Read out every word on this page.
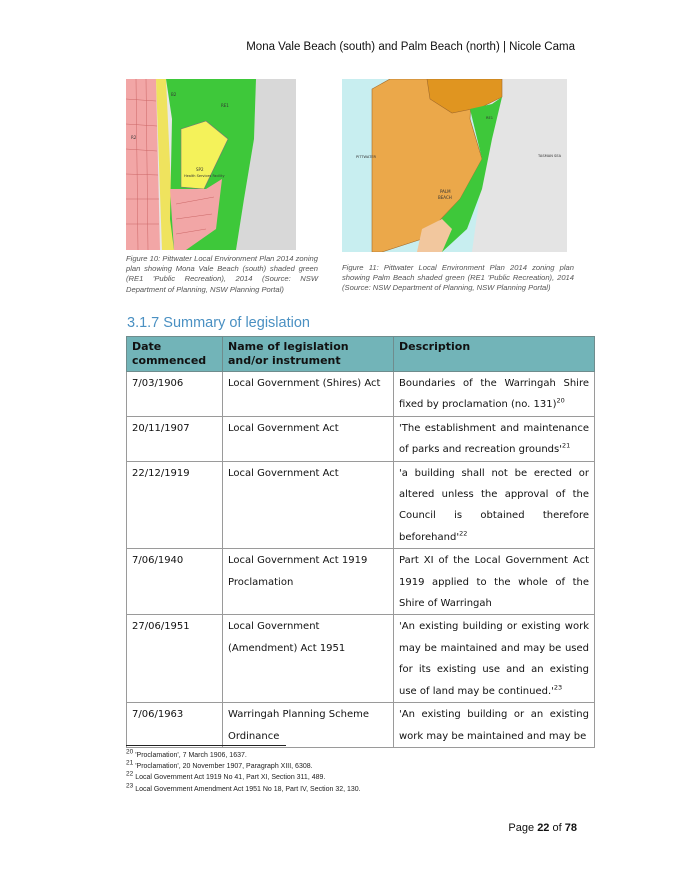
Mona Vale Beach (south) and Palm Beach (north) | Nicole Cama
SP2
Health Services Facility
RE1
R2
B2
Figure 10: Pittwater Local Environment Plan 2014 zoning plan showing Mona Vale Beach (south) shaded green (RE1 'Public Recreation), 2014 (Source: NSW Department of Planning, NSW Planning Portal)
PITTWATER	TASMAN SEA
PALM
BEACH
RE1
Figure 11: Pittwater Local Environment Plan 2014 zoning plan showing Palm Beach shaded green (RE1 'Public Recreation), 2014 (Source: NSW Department of Planning, NSW Planning Portal)
3.1.7 Summary of legislation
Date commenced	Name of legislation and/or instrument	Description
7/03/1906	Local Government (Shires) Act	Boundaries of the Warringah Shire fixed by proclamation (no. 131)$^{20}$
20/11/1907	Local Government Act	'The establishment and maintenance of parks and recreation $grounds'^{21}$
22/12/1919	Local Government Act	'a building shall not be erected or altered unless the approval of the Council is obtained therefore $beforehand'^{22}$
7/06/1940	Local Government Act 1919 Proclamation	Part XI of the Local Government Act 1919 applied to the whole of the Shire of Warringah
27/06/1951	Local Government (Amendment) Act 1951	'An existing building or existing work may be maintained and may be used for its existing use and an existing use of land may be $continued.'^{23}$
7/06/1963	Warringah Planning Scheme Ordinance	'An existing building or an existing work may be maintained and may be
$^{20}$ 'Proclamation', 7 March 1906, 1637.
$^{21}$ 'Proclamation', 20 November 1907, Paragraph XIII, 6308.
$^{22}$ Local Government Act 1919 No 41, Part XI, Section 311, 489.
$^{23}$ Local Government Amendment Act 1951 No 18, Part IV, Section 32, 130.
Page 22 of 78
